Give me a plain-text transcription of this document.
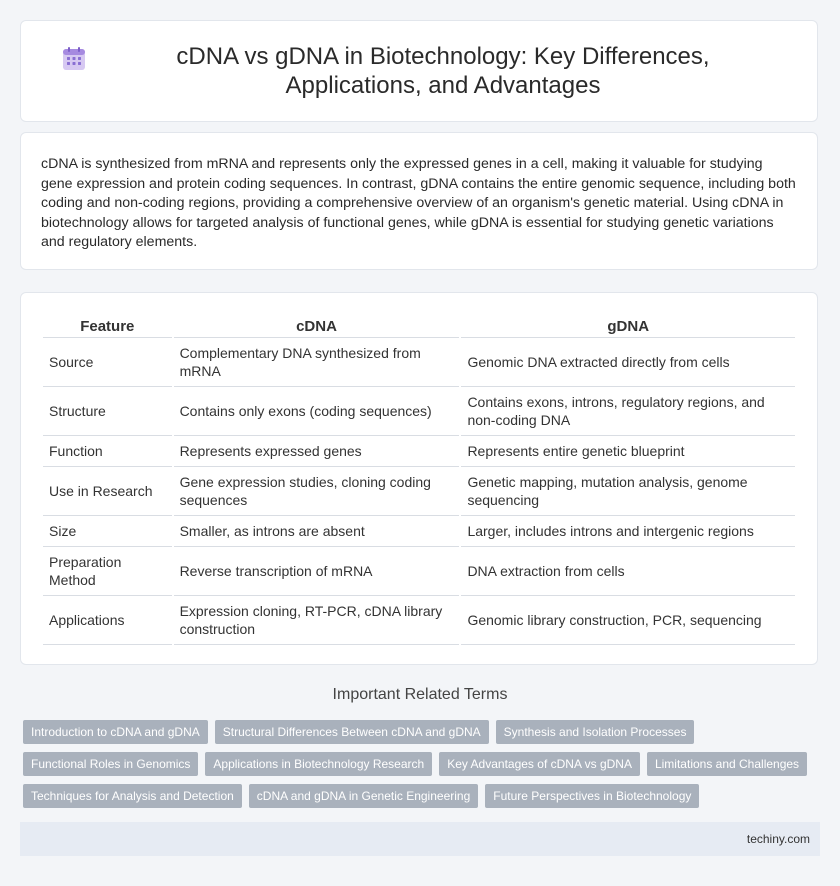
cDNA vs gDNA in Biotechnology: Key Differences, Applications, and Advantages

cDNA is synthesized from mRNA and represents only the expressed genes in a cell, making it valuable for studying gene expression and protein coding sequences. In contrast, gDNA contains the entire genomic sequence, including both coding and non-coding regions, providing a comprehensive overview of an organism's genetic material. Using cDNA in biotechnology allows for targeted analysis of functional genes, while gDNA is essential for studying genetic variations and regulatory elements.

Feature	cDNA	gDNA
Source	Complementary DNA synthesized from mRNA	Genomic DNA extracted directly from cells
Structure	Contains only exons (coding sequences)	Contains exons, introns, regulatory regions, and non-coding DNA
Function	Represents expressed genes	Represents entire genetic blueprint
Use in Research	Gene expression studies, cloning coding sequences	Genetic mapping, mutation analysis, genome sequencing
Size	Smaller, as introns are absent	Larger, includes introns and intergenic regions
Preparation Method	Reverse transcription of mRNA	DNA extraction from cells
Applications	Expression cloning, RT-PCR, cDNA library construction	Genomic library construction, PCR, sequencing
Important Related Terms
Introduction to cDNA and gDNA	Structural Differences Between cDNA and gDNA	Synthesis and Isolation Processes
Functional Roles in Genomics	Applications in Biotechnology Research	Key Advantages of cDNA vs gDNA	Limitations and Challenges
Techniques for Analysis and Detection	cDNA and gDNA in Genetic Engineering	Future Perspectives in Biotechnology
techiny.com
